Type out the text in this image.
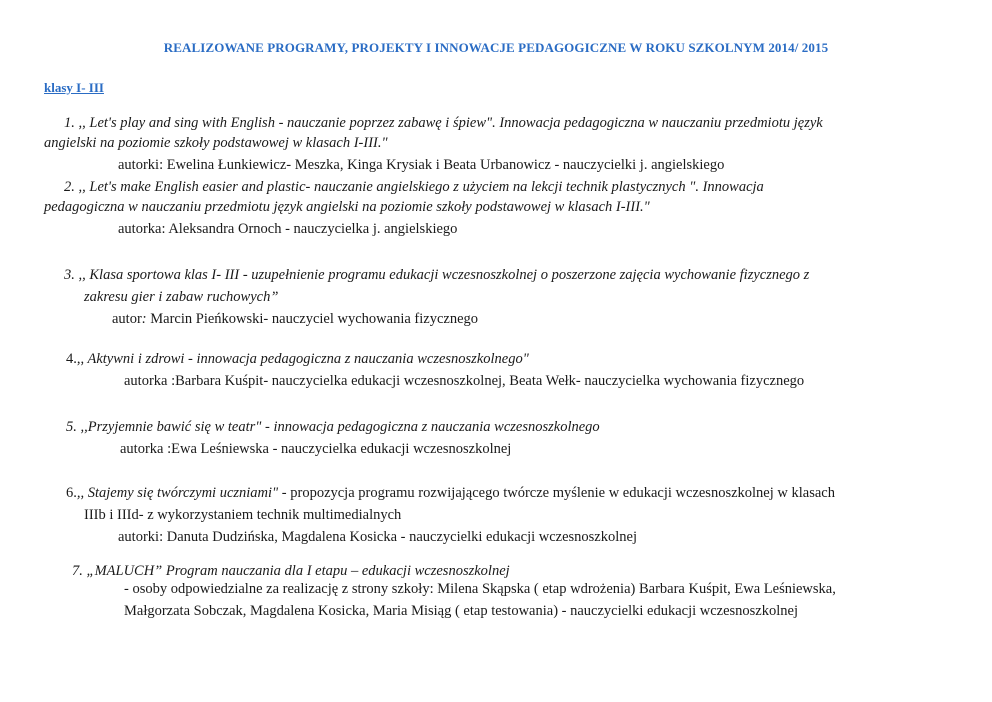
REALIZOWANE PROGRAMY, PROJEKTY I INNOWACJE PEDAGOGICZNE W ROKU SZKOLNYM 2014/ 2015
klasy I- III
1. ,, Let's play and sing with English - nauczanie poprzez zabawę i śpiew". Innowacja pedagogiczna w nauczaniu przedmiotu język
angielski na poziomie szkoły podstawowej w klasach I-III."
autorki: Ewelina Łunkiewicz- Meszka, Kinga Krysiak i Beata Urbanowicz - nauczycielki j. angielskiego
2. ,, Let's make English easier and plastic- nauczanie angielskiego z użyciem na lekcji technik plastycznych ". Innowacja
pedagogiczna w nauczaniu przedmiotu język angielski na poziomie szkoły podstawowej w klasach I-III."
autorka: Aleksandra Ornoch - nauczycielka j. angielskiego
3. ,, Klasa sportowa klas I- III - uzupełnienie programu edukacji wczesnoszkolnej o poszerzone zajęcia wychowanie fizycznego z
zakresu gier i zabaw ruchowych”
autor: Marcin Pieńkowski- nauczyciel wychowania fizycznego
4.,, Aktywni i zdrowi - innowacja pedagogiczna z nauczania wczesnoszkolnego"
autorka :Barbara Kuśpit- nauczycielka edukacji wczesnoszkolnej, Beata Wełk- nauczycielka wychowania fizycznego
5. ,,Przyjemnie bawić się w teatr" - innowacja pedagogiczna z nauczania wczesnoszkolnego
autorka :Ewa Leśniewska - nauczycielka edukacji wczesnoszkolnej
6.,, Stajemy się twórczymi uczniami" - propozycja programu rozwijającego twórcze myślenie w edukacji wczesnoszkolnej w klasach
IIIb i IIId- z wykorzystaniem technik multimedialnych
autorki: Danuta Dudzińska, Magdalena Kosicka - nauczycielki edukacji wczesnoszkolnej
7. „MALUCH” Program nauczania dla I etapu – edukacji wczesnoszkolnej
- osoby odpowiedzialne za realizację z strony szkoły: Milena Skąpska ( etap wdrożenia) Barbara Kuśpit, Ewa Leśniewska,
Małgorzata Sobczak, Magdalena Kosicka, Maria Misiąg ( etap testowania) - nauczycielki edukacji wczesnoszkolnej
